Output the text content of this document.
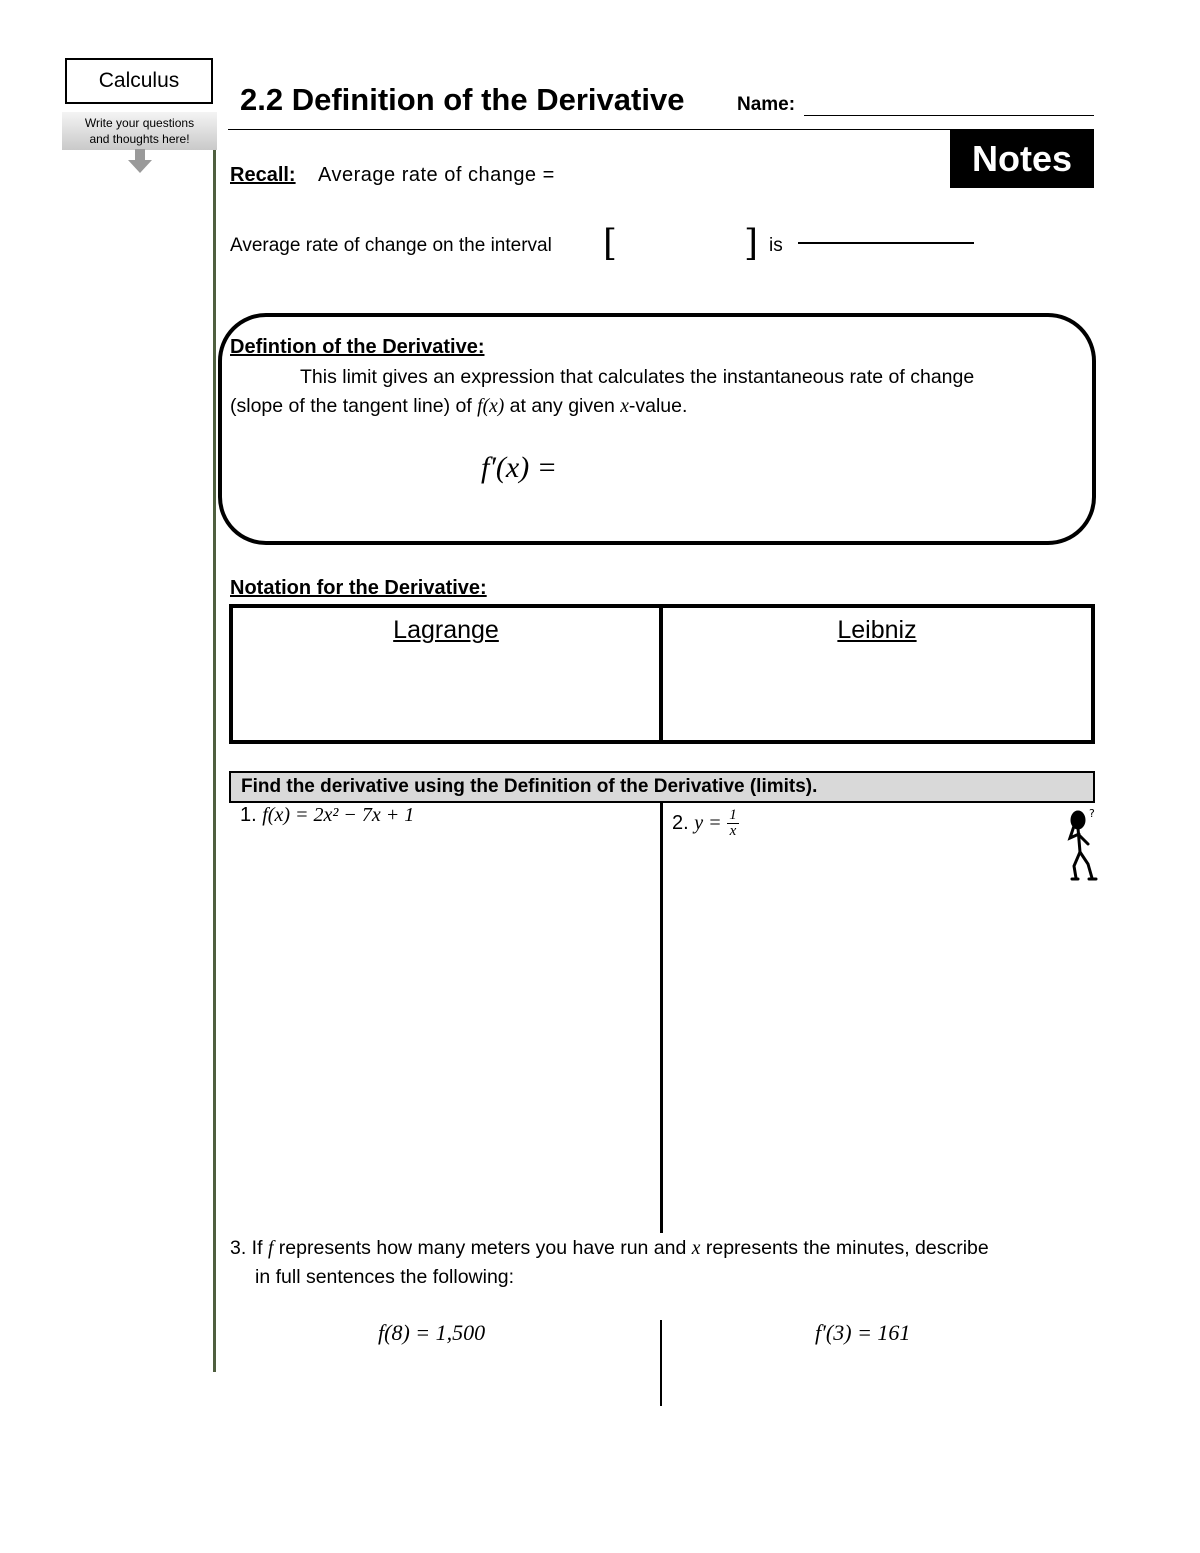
Calculus
Write your questions
and thoughts here!
2.2 Definition of the Derivative	Name:
Notes
Recall: Average rate of change =
Average rate of change on the interval [	] is
Defintion of the Derivative:
This limit gives an expression that calculates the instantaneous rate of change
(slope of the tangent line) of f(x) at any given x-value.
f′(x) =
Notation for the Derivative:
Lagrange	Leibniz
Find the derivative using the Definition of the Derivative (limits).
1. f(x) = 2x² − 7x + 1	2. $y = \frac{1}{x}$	?
3. If f represents how many meters you have run and x represents the minutes, describe
in full sentences the following:
f(8) = 1,500	f′(3) = 161
